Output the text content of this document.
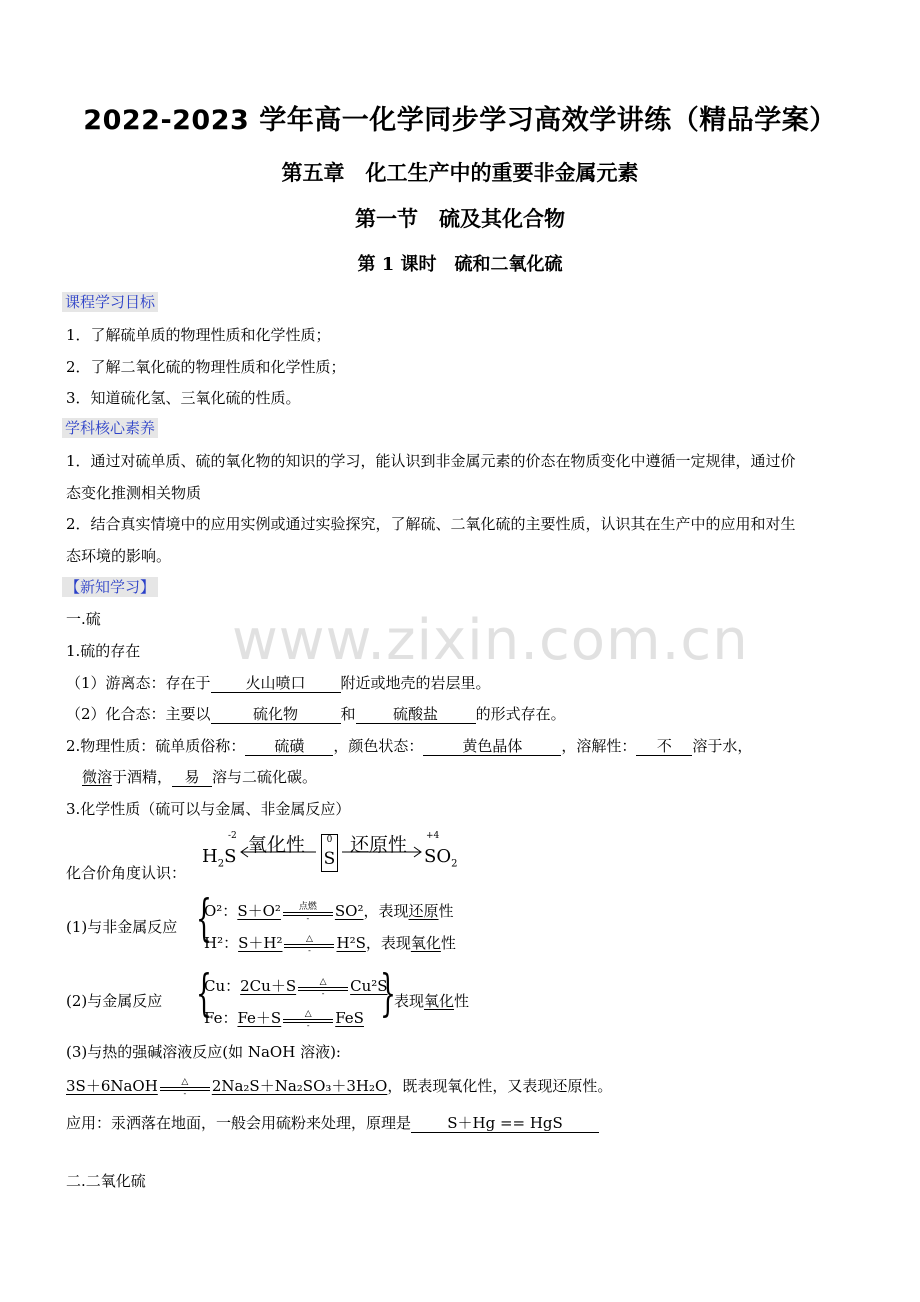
2022-2023 学年高一化学同步学习高效学讲练（精品学案）
第五章　化工生产中的重要非金属元素
第一节　硫及其化合物
第 1 课时　硫和二氧化硫
课程学习目标
1．了解硫单质的物理性质和化学性质；
2．了解二氧化硫的物理性质和化学性质；
3．知道硫化氢、三氧化硫的性质。
学科核心素养
1．通过对硫单质、硫的氧化物的知识的学习，能认识到非金属元素的价态在物质变化中遵循一定规律，通过价
态变化推测相关物质
2．结合真实情境中的应用实例或通过实验探究，了解硫、二氧化硫的主要性质，认识其在生产中的应用和对生
态环境的影响。
【新知学习】
一.硫 www.zixin.com.cn
1.硫的存在
（1）游离态：存在于 火山喷口 附近或地壳的岩层里。
（2）化合态：主要以	硫化物	和 硫酸盐	的形式存在。
2.物理性质：硫单质俗称： 硫磺 ，颜色状态：	黄色晶体	，溶解性： 不 溶于水，
微溶于酒精， 易 溶与二硫化碳。
3.化学性质（硫可以与金属、非金属反应）
化合价角度认识：
$H_2S$
-2 氧化性	0
S
还原性 +4
$SO_2$
(1)与非金属反应 {
O²：S＋O²	点燃
-	SO²，表现还原性
H²：S＋H²	△
-	H²S，表现氧化性
(2)与金属反应 {
Cu：2Cu＋S	△
-	Cu²S
Fe：Fe＋S	△
-	FeS }
表现氧化性
(3)与热的强碱溶液反应(如 NaOH 溶液):
3S＋6NaOH	△
-	2Na₂S＋Na₂SO₃＋3H₂O，既表现氧化性，又表现还原性。
应用：汞洒落在地面，一般会用硫粉来处理，原理是 S＋Hg == HgS
二.二氧化硫
